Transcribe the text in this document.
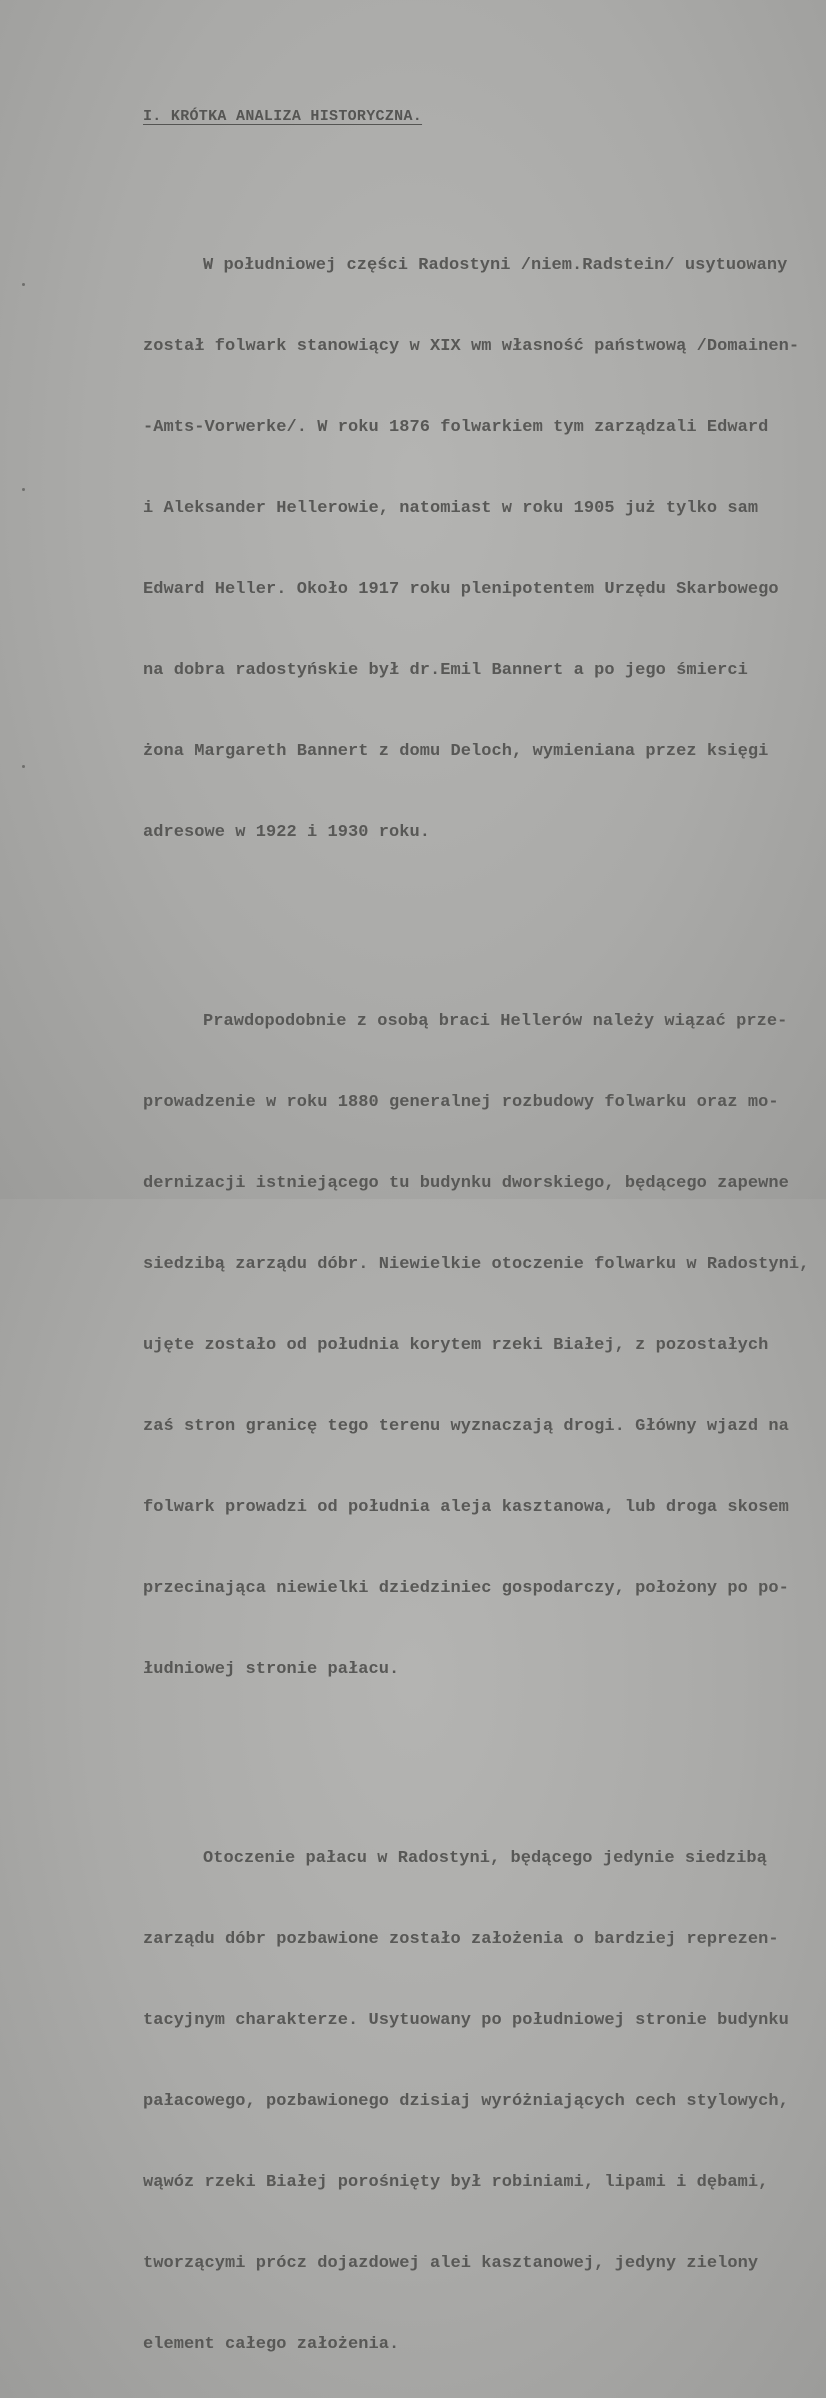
I. KRÓTKA ANALIZA HISTORYCZNA.

W południowej części Radostyni /niem.Radstein/ usytuowany

został folwark stanowiący w XIX wm własność państwową /Domainen-

-Amts-Vorwerke/. W roku 1876 folwarkiem tym zarządzali Edward

i Aleksander Hellerowie, natomiast w roku 1905 już tylko sam

Edward Heller. Około 1917 roku plenipotentem Urzędu Skarbowego

na dobra radostyńskie był dr.Emil Bannert a po jego śmierci

żona Margareth Bannert z domu Deloch, wymieniana przez księgi

adresowe w 1922 i 1930 roku.

Prawdopodobnie z osobą braci Hellerów należy wiązać prze-

prowadzenie w roku 1880 generalnej rozbudowy folwarku oraz mo-

dernizacji istniejącego tu budynku dworskiego, będącego zapewne

siedzibą zarządu dóbr. Niewielkie otoczenie folwarku w Radostyni,

ujęte zostało od południa korytem rzeki Białej, z pozostałych

zaś stron granicę tego terenu wyznaczają drogi. Główny wjazd na

folwark prowadzi od południa aleja kasztanowa, lub droga skosem

przecinająca niewielki dziedziniec gospodarczy, położony po po-

łudniowej stronie pałacu.

Otoczenie pałacu w Radostyni, będącego jedynie siedzibą

zarządu dóbr pozbawione zostało założenia o bardziej reprezen-

tacyjnym charakterze. Usytuowany po południowej stronie budynku

pałacowego, pozbawionego dzisiaj wyróżniających cech stylowych,

wąwóz rzeki Białej porośnięty był robiniami, lipami i dębami,

tworzącymi prócz dojazdowej alei kasztanowej, jedyny zielony

element całego założenia.
